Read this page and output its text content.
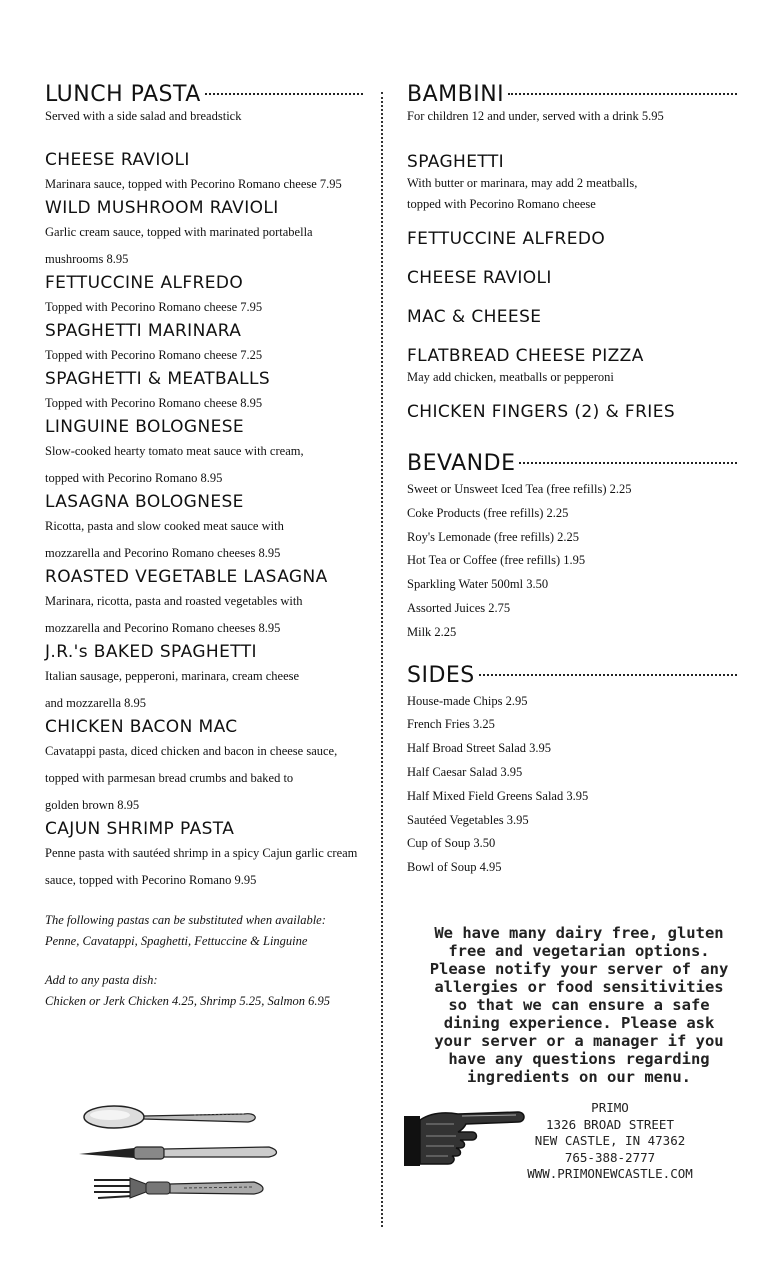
LUNCH PASTA
Served with a side salad and breadstick
CHEESE RAVIOLI
Marinara sauce, topped with Pecorino Romano cheese 7.95
WILD MUSHROOM RAVIOLI
Garlic cream sauce, topped with marinated portabella
mushrooms 8.95
FETTUCCINE ALFREDO
Topped with Pecorino Romano cheese 7.95
SPAGHETTI MARINARA
Topped with Pecorino Romano cheese 7.25
SPAGHETTI & MEATBALLS
Topped with Pecorino Romano cheese 8.95
LINGUINE BOLOGNESE
Slow-cooked hearty tomato meat sauce with cream,
topped with Pecorino Romano 8.95
LASAGNA BOLOGNESE
Ricotta, pasta and slow cooked meat sauce with
mozzarella and Pecorino Romano cheeses 8.95
ROASTED VEGETABLE LASAGNA
Marinara, ricotta, pasta and roasted vegetables with
mozzarella and Pecorino Romano cheeses 8.95
J.R.'s BAKED SPAGHETTI
Italian sausage, pepperoni, marinara, cream cheese
and mozzarella 8.95
CHICKEN BACON MAC
Cavatappi pasta, diced chicken and bacon in cheese sauce,
topped with parmesan bread crumbs and baked to
golden brown 8.95
CAJUN SHRIMP PASTA
Penne pasta with sautéed shrimp in a spicy Cajun garlic cream
sauce, topped with Pecorino Romano 9.95
The following pastas can be substituted when available:
Penne, Cavatappi, Spaghetti, Fettuccine & Linguine
Add to any pasta dish:
Chicken or Jerk Chicken 4.25, Shrimp 5.25, Salmon 6.95
BAMBINI
For children 12 and under, served with a drink 5.95
SPAGHETTI
With butter or marinara, may add 2 meatballs,
topped with Pecorino Romano cheese
FETTUCCINE ALFREDO
CHEESE RAVIOLI
MAC & CHEESE
FLATBREAD CHEESE PIZZA
May add chicken, meatballs or pepperoni
CHICKEN FINGERS (2) & FRIES
BEVANDE
Sweet or Unsweet Iced Tea (free refills) 2.25
Coke Products (free refills) 2.25
Roy's Lemonade (free refills) 2.25
Hot Tea or Coffee (free refills) 1.95
Sparkling Water 500ml 3.50
Assorted Juices 2.75
Milk 2.25
SIDES
House-made Chips 2.95
French Fries 3.25
Half Broad Street Salad 3.95
Half Caesar Salad 3.95
Half Mixed Field Greens Salad 3.95
Sautéed Vegetables 3.95
Cup of Soup 3.50
Bowl of Soup 4.95
We have many dairy free, gluten
free and vegetarian options.
Please notify your server of any
allergies or food sensitivities
so that we can ensure a safe
dining experience. Please ask
your server or a manager if you
have any questions regarding
ingredients on our menu.
PRIMO
1326 BROAD STREET
NEW CASTLE, IN 47362
765-388-2777
WWW.PRIMONEWCASTLE.COM
